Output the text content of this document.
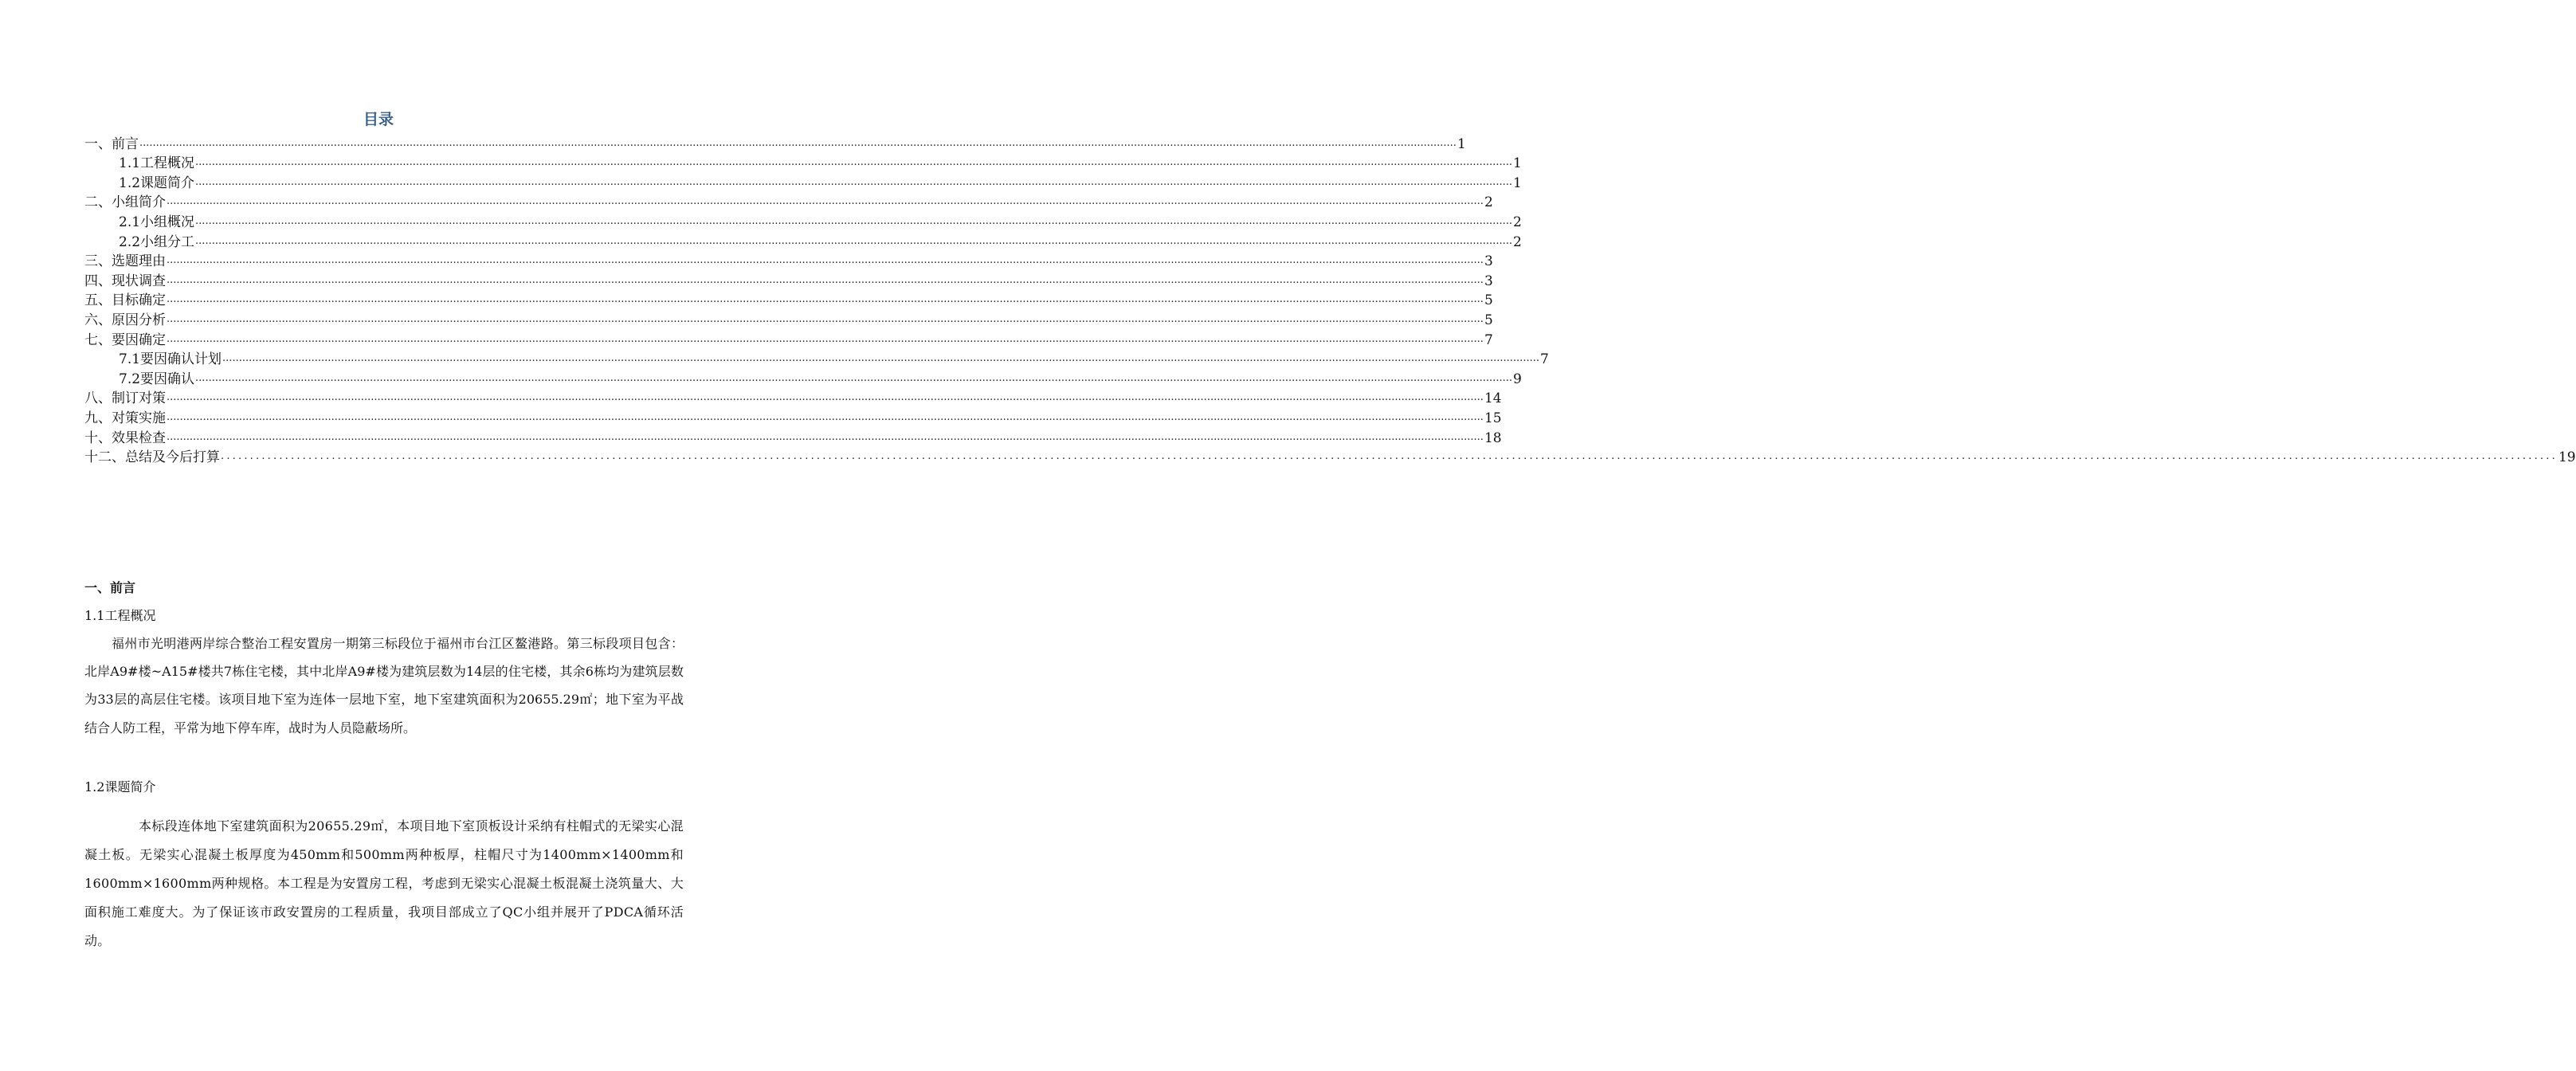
目录
一、前言 ................................................................................................................................................................................................................................................................................................................................................................................................................ 1
1.1工程概况 ................................................................................................................................................................................................................................................................................................................................................................................................................ 1
1.2课题简介 ................................................................................................................................................................................................................................................................................................................................................................................................................ 1
二、小组简介 ................................................................................................................................................................................................................................................................................................................................................................................................................ 2
2.1小组概况 ................................................................................................................................................................................................................................................................................................................................................................................................................ 2
2.2小组分工 ................................................................................................................................................................................................................................................................................................................................................................................................................ 2
三、选题理由 ................................................................................................................................................................................................................................................................................................................................................................................................................ 3
四、现状调查 ................................................................................................................................................................................................................................................................................................................................................................................................................ 3
五、目标确定 ................................................................................................................................................................................................................................................................................................................................................................................................................ 5
六、原因分析 ................................................................................................................................................................................................................................................................................................................................................................................................................ 5
七、要因确定 ................................................................................................................................................................................................................................................................................................................................................................................................................ 7
7.1要因确认计划 ................................................................................................................................................................................................................................................................................................................................................................................................................ 7
7.2要因确认 ................................................................................................................................................................................................................................................................................................................................................................................................................ 9
八、制订对策 ................................................................................................................................................................................................................................................................................................................................................................................................................ 14
九、对策实施 ................................................................................................................................................................................................................................................................................................................................................................................................................ 15
十、效果检查 ................................................................................................................................................................................................................................................................................................................................................................................................................ 18
十二、总结及今后打算 ................................................................................................................................................................................................................................................................................................................................................................................................................ 19
一、前言
1.1工程概况
福州市光明港两岸综合整治工程安置房一期第三标段位于福州市台江区鳌港路。第三标段项目包含：北岸A9#楼~A15#楼共7栋住宅楼，其中北岸A9#楼为建筑层数为14层的住宅楼，其余6栋均为建筑层数为33层的高层住宅楼。该项目地下室为连体一层地下室，地下室建筑面积为20655.29㎡；地下室为平战结合人防工程，平常为地下停车库，战时为人员隐蔽场所。
1.2课题简介
本标段连体地下室建筑面积为20655.29㎡，本项目地下室顶板设计采纳有柱帽式的无梁实心混凝土板。无梁实心混凝土板厚度为450mm和500mm两种板厚，柱帽尺寸为1400mm×1400mm和1600mm×1600mm两种规格。本工程是为安置房工程，考虑到无梁实心混凝土板混凝土浇筑量大、大面积施工难度大。为了保证该市政安置房的工程质量，我项目部成立了QC小组并展开了PDCA循环活动。
